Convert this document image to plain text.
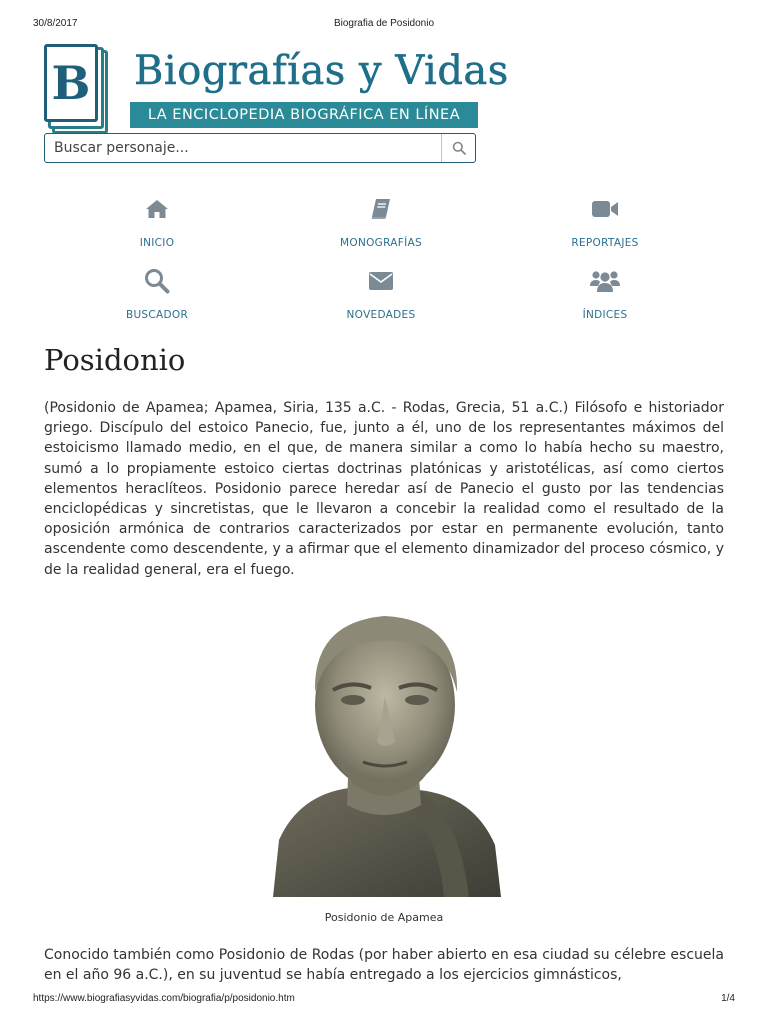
30/8/2017	Biografia de Posidonio
B Biografías y Vidas
LA ENCICLOPEDIA BIOGRÁFICA EN LÍNEA
Buscar personaje...
INICIO	MONOGRAFÍAS	REPORTAJES
BUSCADOR	NOVEDADES	ÍNDICES
Posidonio

(Posidonio de Apamea; Apamea, Siria, 135 a.C. - Rodas, Grecia, 51 a.C.) Filósofo e historiador griego. Discípulo del estoico Panecio, fue, junto a él, uno de los representantes máximos del estoicismo llamado medio, en el que, de manera similar a como lo había hecho su maestro, sumó a lo propiamente estoico ciertas doctrinas platónicas y aristotélicas, así como ciertos elementos heraclíteos. Posidonio parece heredar así de Panecio el gusto por las tendencias enciclopédicas y sincretistas, que le llevaron a concebir la realidad como el resultado de la oposición armónica de contrarios caracterizados por estar en permanente evolución, tanto ascendente como descendente, y a afirmar que el elemento dinamizador del proceso cósmico, y de la realidad general, era el fuego.

Posidonio de Apamea

Conocido también como Posidonio de Rodas (por haber abierto en esa ciudad su célebre escuela en el año 96 a.C.), en su juventud se había entregado a los ejercicios gimnásticos,

https://www.biografiasyvidas.com/biografia/p/posidonio.htm	1/4
